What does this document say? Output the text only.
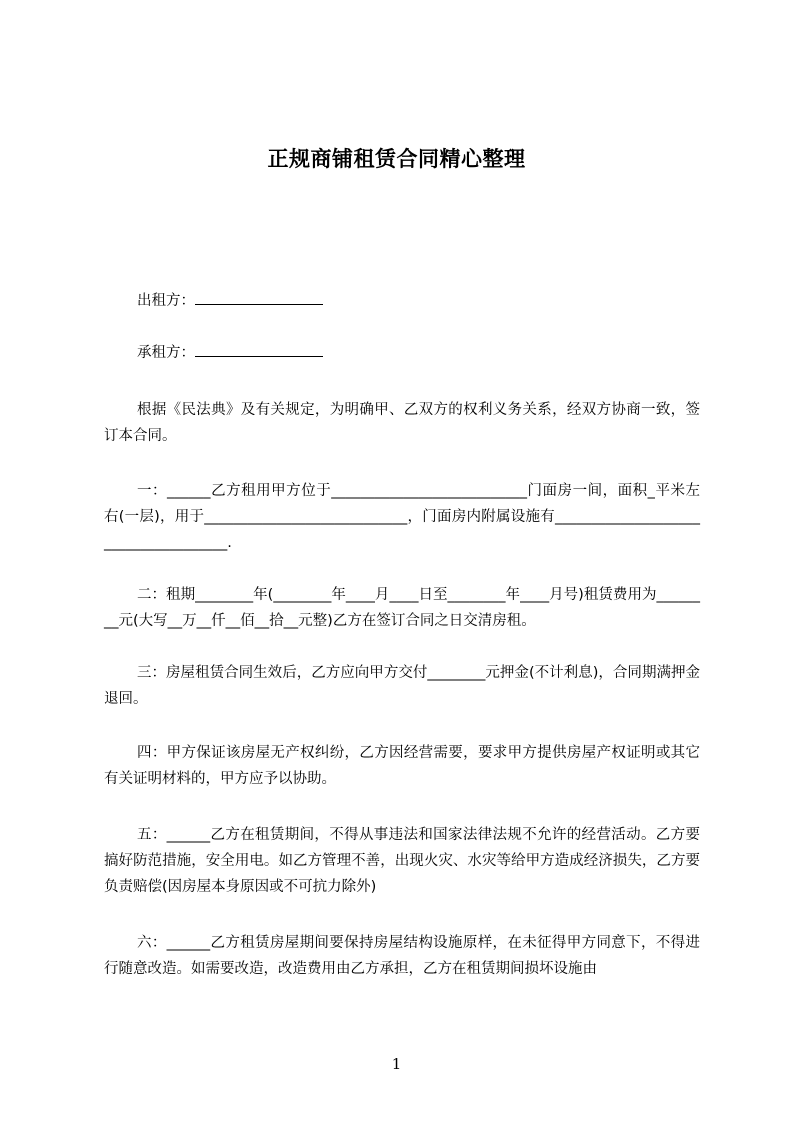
正规商铺租赁合同精心整理
出租方：
承租方：
根据《民法典》及有关规定，为明确甲、乙双方的权利义务关系，经双方协商一致，签订本合同。
一：______乙方租用甲方位于___________________________门面房一间，面积_平米左右(一层)，用于____________________________，门面房内附属设施有_____________________________________.
二：租期________年(________年____月____日至________年____月号)租赁费用为________元(大写__万__仟__佰__拾__元整)乙方在签订合同之日交清房租。
三：房屋租赁合同生效后，乙方应向甲方交付________元押金(不计利息)，合同期满押金退回。
四：甲方保证该房屋无产权纠纷，乙方因经营需要，要求甲方提供房屋产权证明或其它有关证明材料的，甲方应予以协助。
五：______乙方在租赁期间，不得从事违法和国家法律法规不允许的经营活动。乙方要搞好防范措施，安全用电。如乙方管理不善，出现火灾、水灾等给甲方造成经济损失，乙方要负责赔偿(因房屋本身原因或不可抗力除外)
六：______乙方租赁房屋期间要保持房屋结构设施原样，在未征得甲方同意下，不得进行随意改造。如需要改造，改造费用由乙方承担，乙方在租赁期间损坏设施由
1
